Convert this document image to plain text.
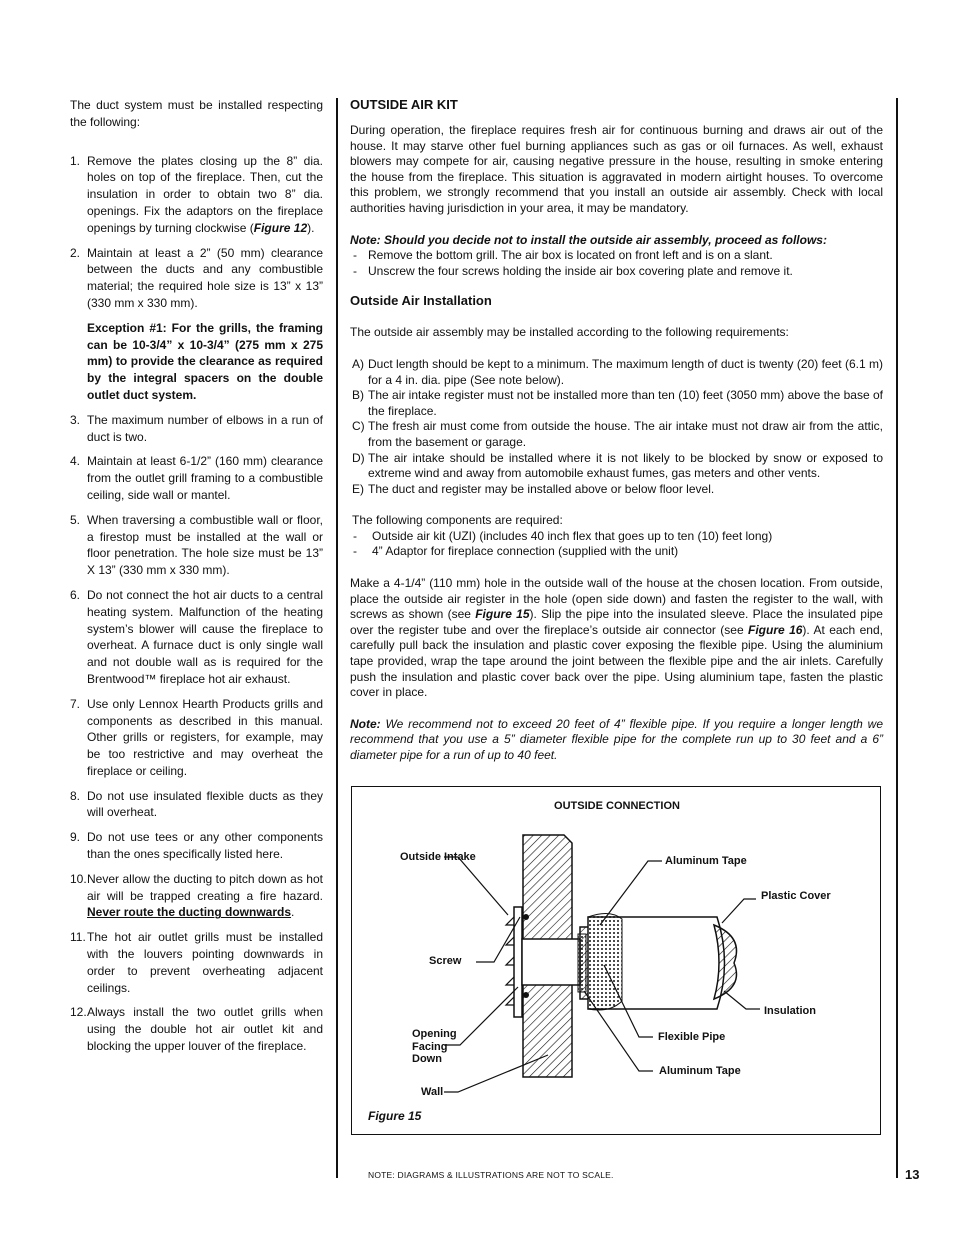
The duct system must be installed respecting the following:

1. Remove the plates closing up the 8” dia. holes on top of the fireplace. Then, cut the insulation in order to obtain two 8” dia. openings. Fix the adaptors on the fireplace openings by turning clockwise (Figure 12).
2. Maintain at least a 2” (50 mm) clearance between the ducts and any combustible material; the required hole size is 13” x 13” (330 mm x 330 mm).

Exception #1: For the grills, the framing can be 10-3/4” x 10-3/4” (275 mm x 275 mm) to provide the clearance as required by the integral spacers on the double outlet duct system.

3. The maximum number of elbows in a run of duct is two.
4. Maintain at least 6-1/2” (160 mm) clearance from the outlet grill framing to a combustible ceiling, side wall or mantel.
5. When traversing a combustible wall or floor, a firestop must be installed at the wall or floor penetration. The hole size must be 13” X 13” (330 mm x 330 mm).
6. Do not connect the hot air ducts to a central heating system. Malfunction of the heating system’s blower will cause the fireplace to overheat. A furnace duct is only single wall and not double wall as is required for the Brentwood™ fireplace hot air exhaust.
7. Use only Lennox Hearth Products grills and components as described in this manual. Other grills or registers, for example, may be too restrictive and may overheat the fireplace or ceiling.
8. Do not use insulated flexible ducts as they will overheat.
9. Do not use tees or any other components than the ones specifically listed here.
10. Never allow the ducting to pitch down as hot air will be trapped creating a fire hazard. Never route the ducting downwards.
11. The hot air outlet grills must be installed with the louvers pointing downwards in order to prevent overheating adjacent ceilings.
12. Always install the two outlet grills when using the double hot air outlet kit and blocking the upper louver of the fireplace.
OUTSIDE AIR KIT

During operation, the fireplace requires fresh air for continuous burning and draws air out of the house. It may starve other fuel burning appliances such as gas or oil furnaces. As well, exhaust blowers may compete for air, causing negative pressure in the house, resulting in smoke entering the house from the fireplace. This situation is aggravated in modern airtight houses. To overcome this problem, we strongly recommend that you install an outside air assembly. Check with local authorities having jurisdiction in your area, it may be mandatory.

Note: Should you decide not to install the outside air assembly, proceed as follows:

- Remove the bottom grill. The air box is located on front left and is on a slant.
- Unscrew the four screws holding the inside air box covering plate and remove it.
Outside Air Installation

The outside air assembly may be installed according to the following requirements:

A) Duct length should be kept to a minimum. The maximum length of duct is twenty (20) feet (6.1 m) for a 4 in. dia. pipe (See note below).
B) The air intake register must not be installed more than ten (10) feet (3050 mm) above the base of the fireplace.
C) The fresh air must come from outside the house. The air intake must not draw air from the attic, from the basement or garage.
D) The air intake should be installed where it is not likely to be blocked by snow or exposed to extreme wind and away from automobile exhaust fumes, gas meters and other vents.
E) The duct and register may be installed above or below floor level.

The following components are required:

- Outside air kit (UZI) (includes 40 inch flex that goes up to ten (10) feet long)
- 4” Adaptor for fireplace connection (supplied with the unit)

Make a 4-1/4” (110 mm) hole in the outside wall of the house at the chosen location. From outside, place the outside air register in the hole (open side down) and fasten the register to the wall, with screws as shown (see Figure 15). Slip the pipe into the insulated sleeve. Place the insulated pipe over the register tube and over the fireplace’s outside air connector (see Figure 16). At each end, carefully pull back the insulation and plastic cover exposing the flexible pipe. Using the aluminium tape provided, wrap the tape around the joint between the flexible pipe and the air inlets. Carefully push the insulation and plastic cover back over the pipe. Using aluminium tape, fasten the plastic cover in place.

Note: We recommend not to exceed 20 feet of 4” flexible pipe. If you require a longer length we recommend that you use a 5” diameter flexible pipe for the complete run up to 30 feet and a 6” diameter pipe for a run of up to 40 feet.

OUTSIDE CONNECTION
Outside Intake
Screw
Opening Facing Down
Wall
Aluminum Tape
Plastic Cover
Insulation
Flexible Pipe
Aluminum Tape
Figure 15
NOTE: DIAGRAMS & ILLUSTRATIONS ARE NOT TO SCALE.	13
